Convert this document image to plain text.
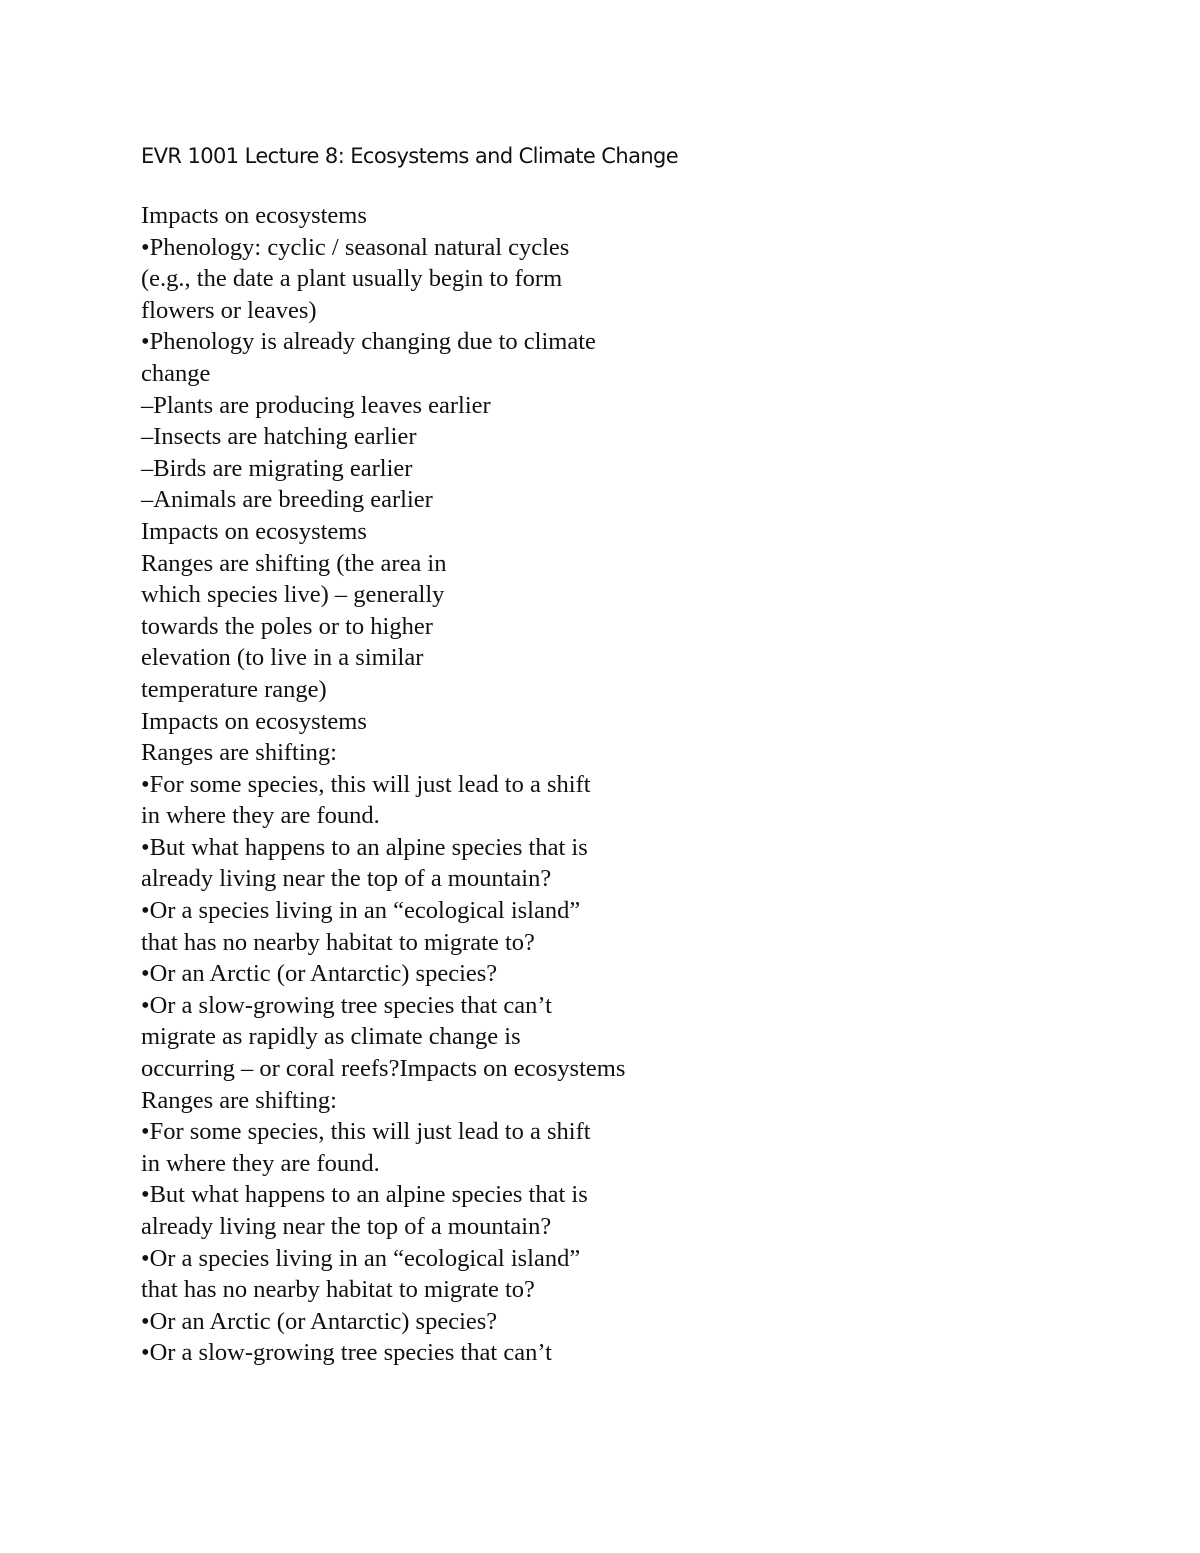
EVR 1001 Lecture 8: Ecosystems and Climate Change
Impacts on ecosystems
•Phenology: cyclic / seasonal natural cycles
(e.g., the date a plant usually begin to form
flowers or leaves)
•Phenology is already changing due to climate
change
–Plants are producing leaves earlier
–Insects are hatching earlier
–Birds are migrating earlier
–Animals are breeding earlier
Impacts on ecosystems
Ranges are shifting (the area in
which species live) – generally
towards the poles or to higher
elevation (to live in a similar
temperature range)
Impacts on ecosystems
Ranges are shifting:
•For some species, this will just lead to a shift
in where they are found.
•But what happens to an alpine species that is
already living near the top of a mountain?
•Or a species living in an “ecological island”
that has no nearby habitat to migrate to?
•Or an Arctic (or Antarctic) species?
•Or a slow-growing tree species that can’t
migrate as rapidly as climate change is
occurring – or coral reefs?Impacts on ecosystems
Ranges are shifting:
•For some species, this will just lead to a shift
in where they are found.
•But what happens to an alpine species that is
already living near the top of a mountain?
•Or a species living in an “ecological island”
that has no nearby habitat to migrate to?
•Or an Arctic (or Antarctic) species?
•Or a slow-growing tree species that can’t
